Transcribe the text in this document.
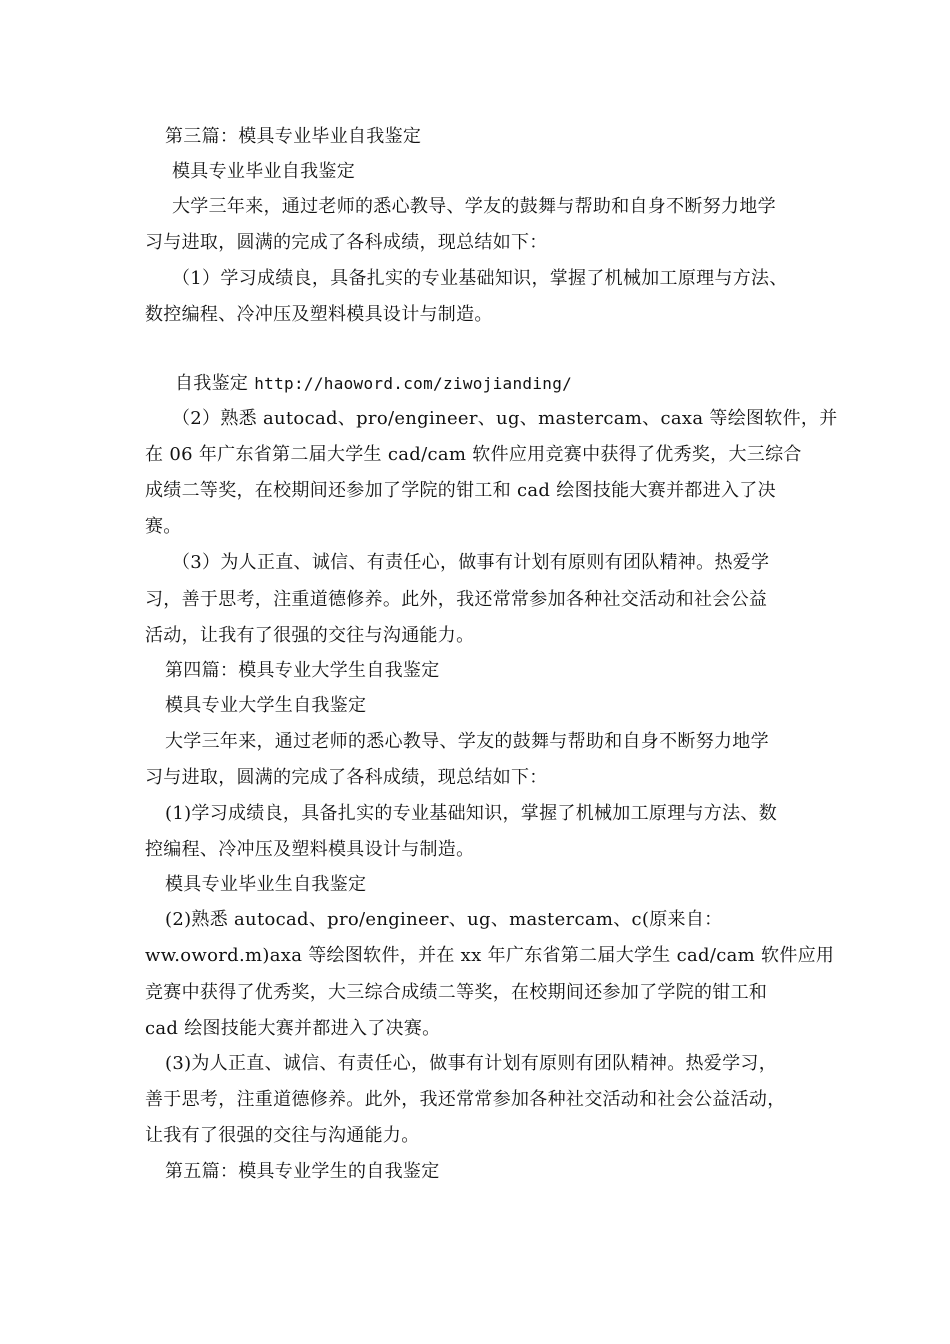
第三篇：模具专业毕业自我鉴定
模具专业毕业自我鉴定
大学三年来，通过老师的悉心教导、学友的鼓舞与帮助和自身不断努力地学
习与进取，圆满的完成了各科成绩，现总结如下：
（1）学习成绩良，具备扎实的专业基础知识，掌握了机械加工原理与方法、
数控编程、冷冲压及塑料模具设计与制造。
自我鉴定 http://haoword.com/ziwojianding/
（2）熟悉 autocad、pro/engineer、ug、mastercam、caxa 等绘图软件，并
在 06 年广东省第二届大学生 cad/cam 软件应用竞赛中获得了优秀奖，大三综合
成绩二等奖，在校期间还参加了学院的钳工和 cad 绘图技能大赛并都进入了决
赛。
（3）为人正直、诚信、有责任心，做事有计划有原则有团队精神。热爱学
习，善于思考，注重道德修养。此外，我还常常参加各种社交活动和社会公益
活动，让我有了很强的交往与沟通能力。
第四篇：模具专业大学生自我鉴定
模具专业大学生自我鉴定
大学三年来，通过老师的悉心教导、学友的鼓舞与帮助和自身不断努力地学
习与进取，圆满的完成了各科成绩，现总结如下：
(1)学习成绩良，具备扎实的专业基础知识，掌握了机械加工原理与方法、数
控编程、冷冲压及塑料模具设计与制造。
模具专业毕业生自我鉴定
(2)熟悉 autocad、pro/engineer、ug、mastercam、c(原来自：
ww.oword.m)axa 等绘图软件，并在 xx 年广东省第二届大学生 cad/cam 软件应用
竞赛中获得了优秀奖，大三综合成绩二等奖，在校期间还参加了学院的钳工和
cad 绘图技能大赛并都进入了决赛。
(3)为人正直、诚信、有责任心，做事有计划有原则有团队精神。热爱学习，
善于思考，注重道德修养。此外，我还常常参加各种社交活动和社会公益活动，
让我有了很强的交往与沟通能力。
第五篇：模具专业学生的自我鉴定
